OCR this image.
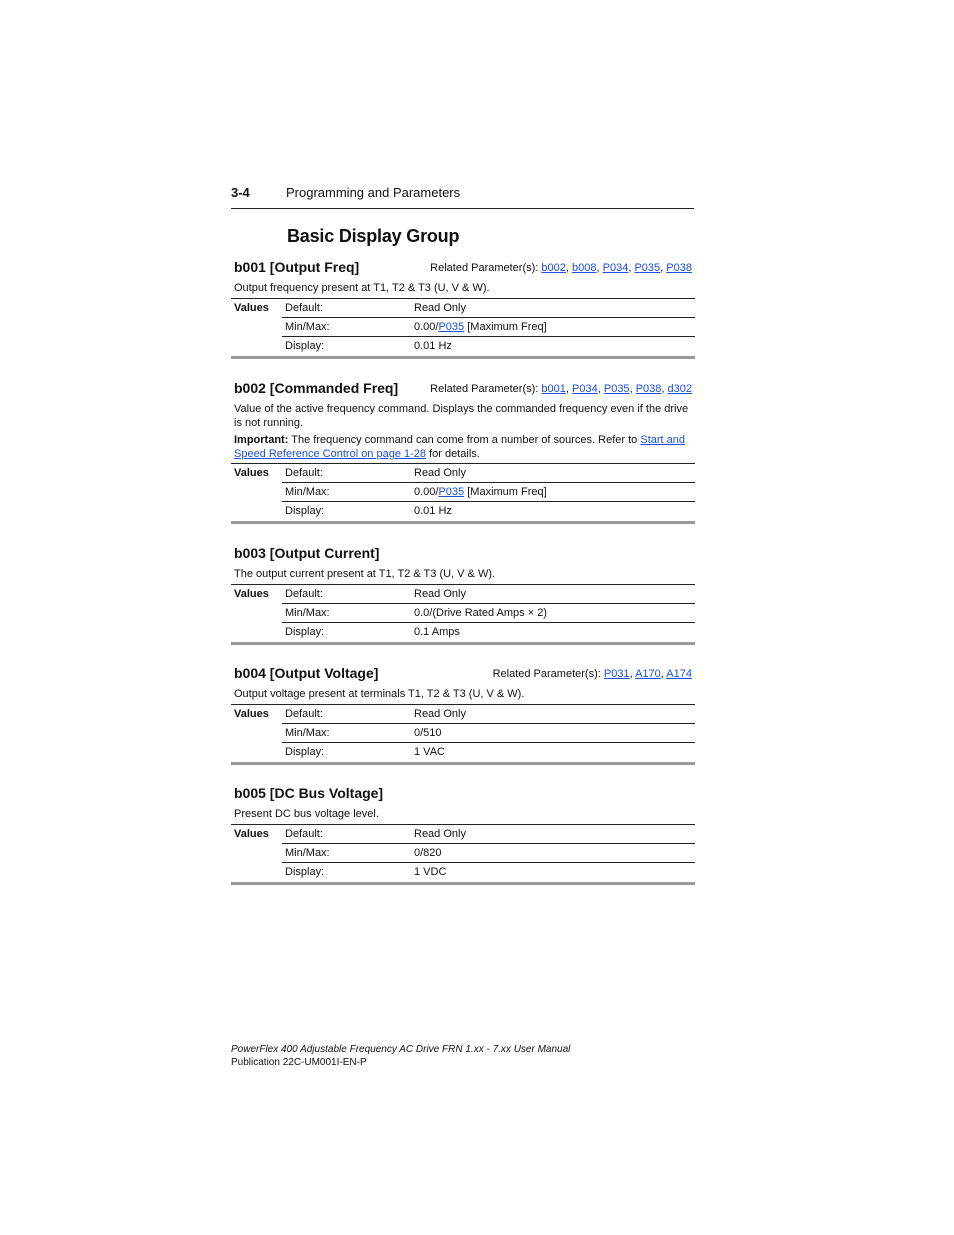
3-4	Programming and Parameters
Basic Display Group
b001 [Output Freq]	Related Parameter(s): b002, b008, P034, P035, P038

Output frequency present at T1, T2 & T3 (U, V & W).

Values Default:	Read Only
Min/Max:	0.00/P035 [Maximum Freq]
Display:	0.01 Hz
b002 [Commanded Freq]	Related Parameter(s): b001, P034, P035, P038, d302

Value of the active frequency command. Displays the commanded frequency even if the drive is not running.

Important: The frequency command can come from a number of sources. Refer to Start and Speed Reference Control on page 1-28 for details.

Values Default:	Read Only
Min/Max:	0.00/P035 [Maximum Freq]
Display:	0.01 Hz
b003 [Output Current]

The output current present at T1, T2 & T3 (U, V & W).

Values Default:	Read Only
Min/Max:	0.0/(Drive Rated Amps × 2)
Display:	0.1 Amps
b004 [Output Voltage]	Related Parameter(s): P031, A170, A174

Output voltage present at terminals T1, T2 & T3 (U, V & W).

Values Default:	Read Only
Min/Max:	0/510
Display:	1 VAC
b005 [DC Bus Voltage]

Present DC bus voltage level.

Values Default:	Read Only
Min/Max:	0/820
Display:	1 VDC
PowerFlex 400 Adjustable Frequency AC Drive FRN 1.xx - 7.xx User Manual
Publication 22C-UM001I-EN-P
